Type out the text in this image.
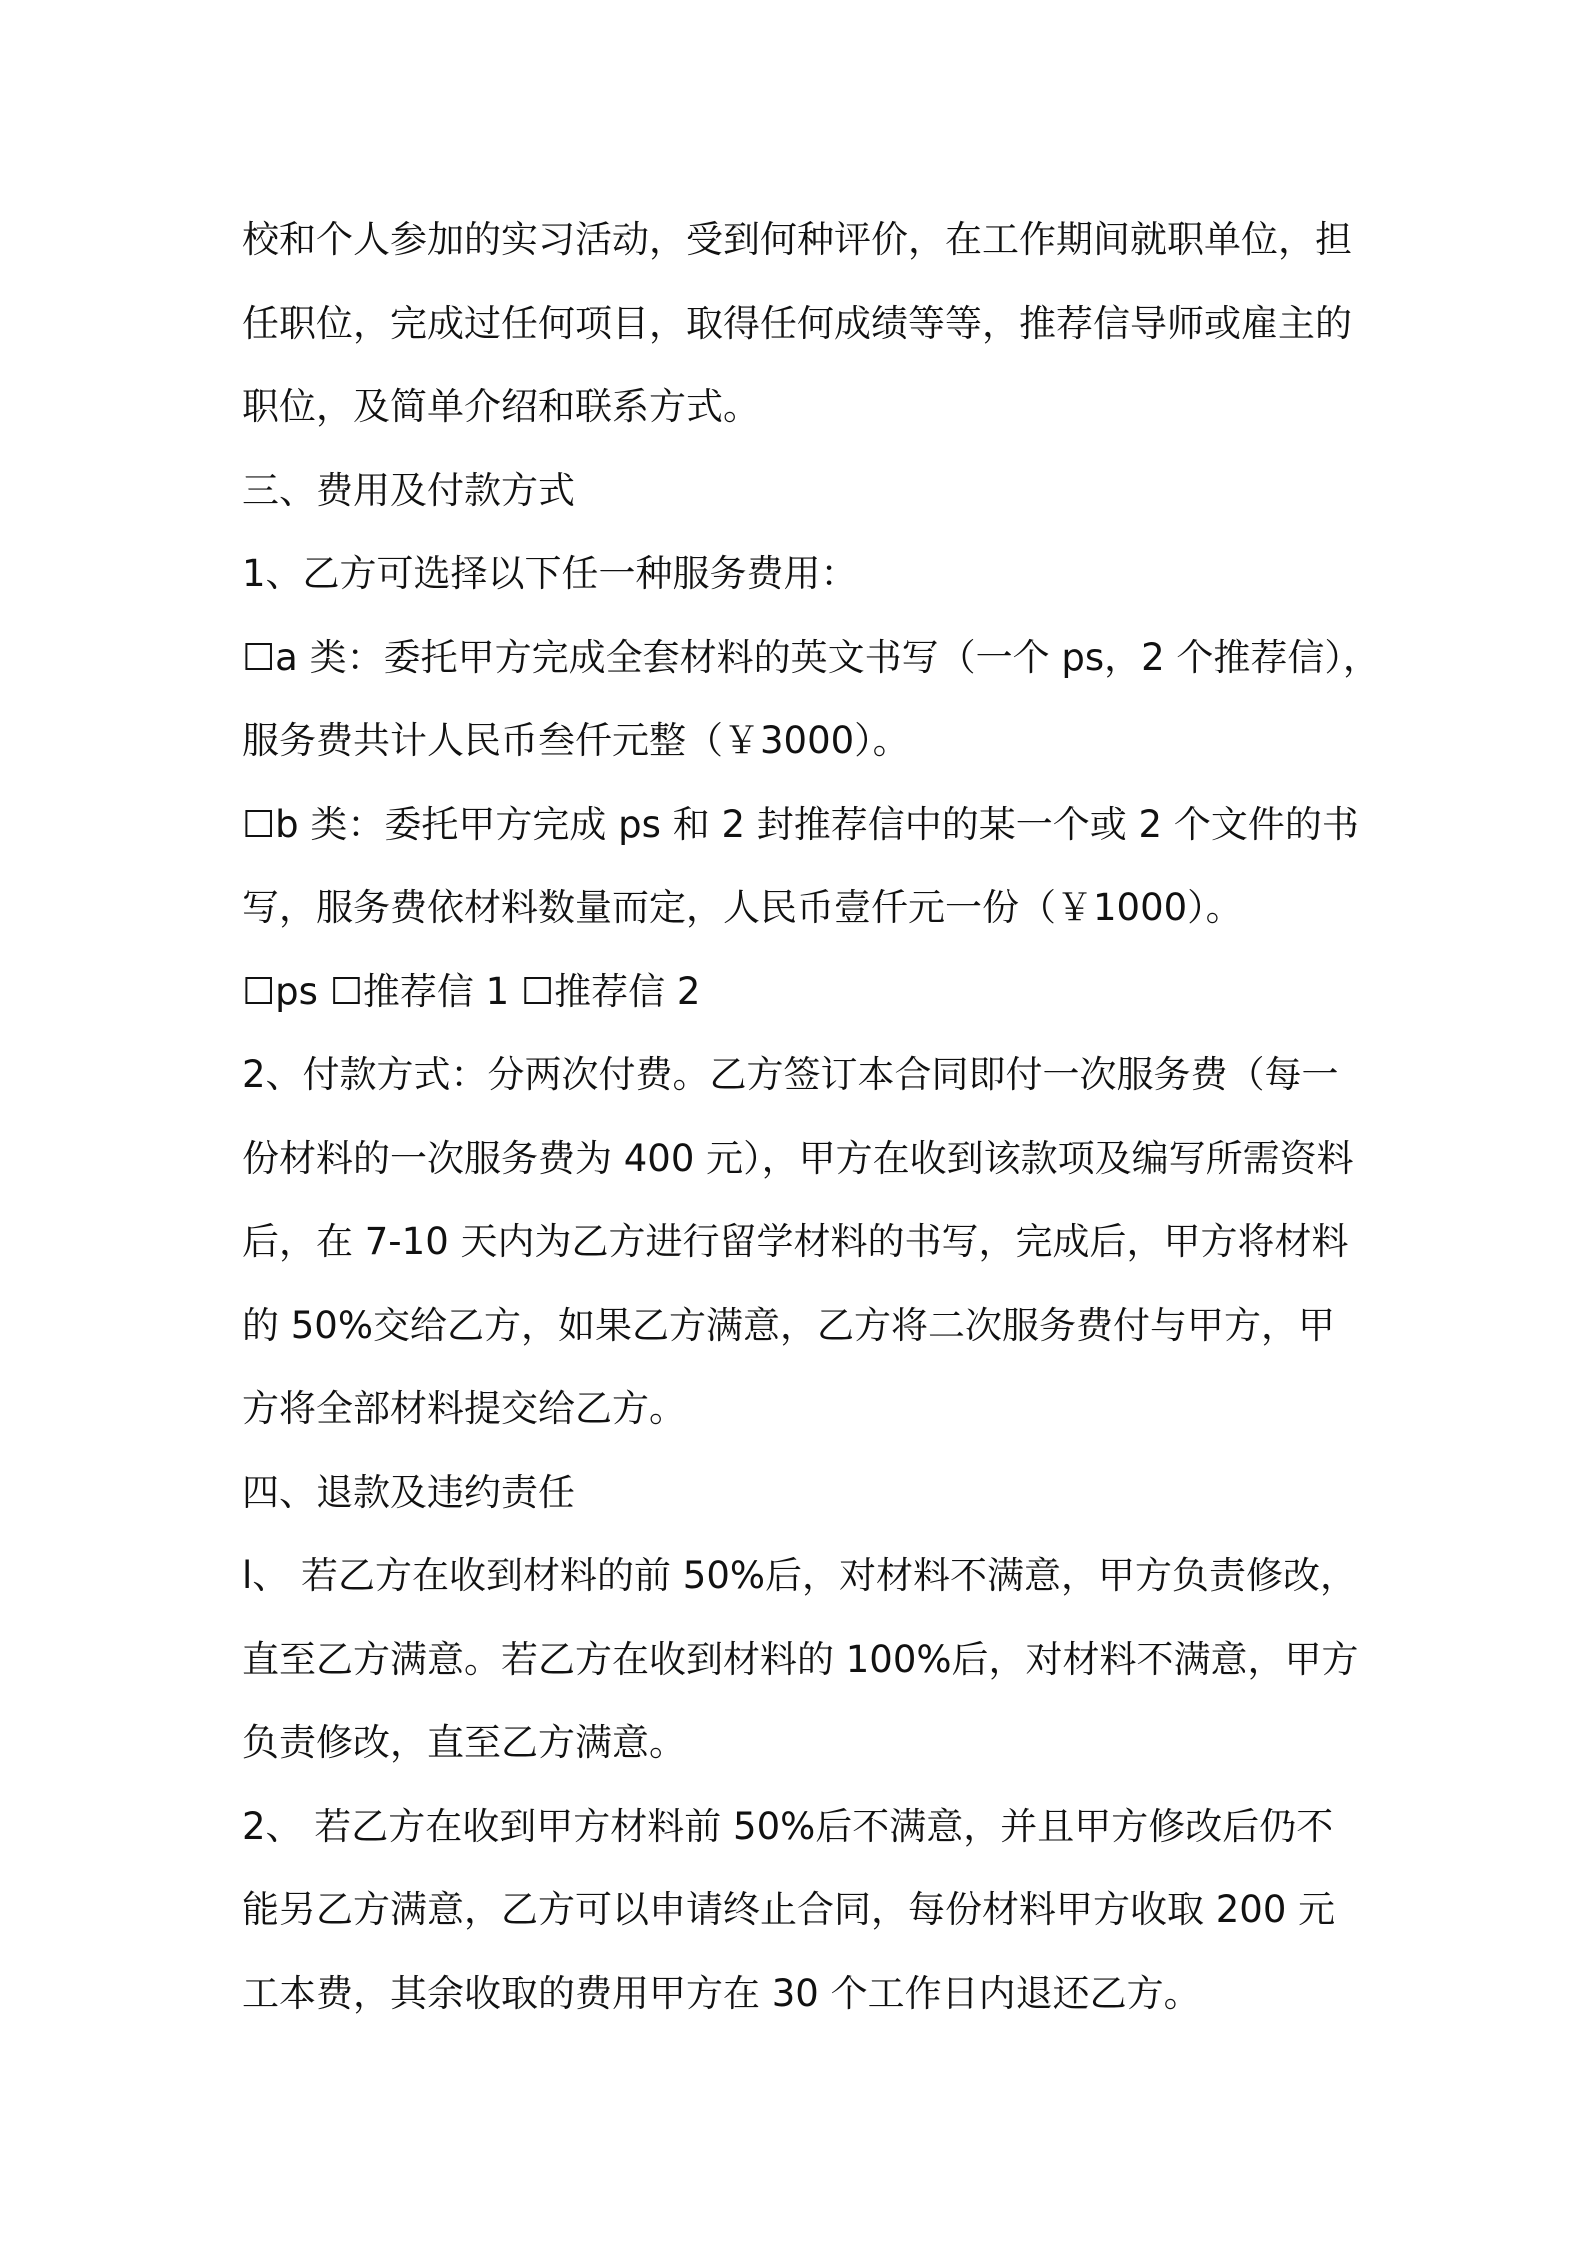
校和个人参加的实习活动，受到何种评价，在工作期间就职单位，担
任职位，完成过任何项目，取得任何成绩等等，推荐信导师或雇主的
职位，及简单介绍和联系方式。
三、费用及付款方式
1、乙方可选择以下任一种服务费用：
☐a 类：委托甲方完成全套材料的英文书写（一个 ps，2 个推荐信），
服务费共计人民币叁仟元整（￥3000）。
☐b 类：委托甲方完成 ps 和 2 封推荐信中的某一个或 2 个文件的书
写，服务费依材料数量而定，人民币壹仟元一份（￥1000）。
☐ps ☐推荐信 1 ☐推荐信 2
2、付款方式：分两次付费。乙方签订本合同即付一次服务费（每一
份材料的一次服务费为 400 元），甲方在收到该款项及编写所需资料
后，在 7-10 天内为乙方进行留学材料的书写，完成后，甲方将材料
的 50%交给乙方，如果乙方满意，乙方将二次服务费付与甲方，甲
方将全部材料提交给乙方。
四、退款及违约责任
l、 若乙方在收到材料的前 50%后，对材料不满意，甲方负责修改，
直至乙方满意。若乙方在收到材料的 100%后，对材料不满意，甲方
负责修改，直至乙方满意。
2、 若乙方在收到甲方材料前 50%后不满意，并且甲方修改后仍不
能另乙方满意，乙方可以申请终止合同，每份材料甲方收取 200 元
工本费，其余收取的费用甲方在 30 个工作日内退还乙方。
